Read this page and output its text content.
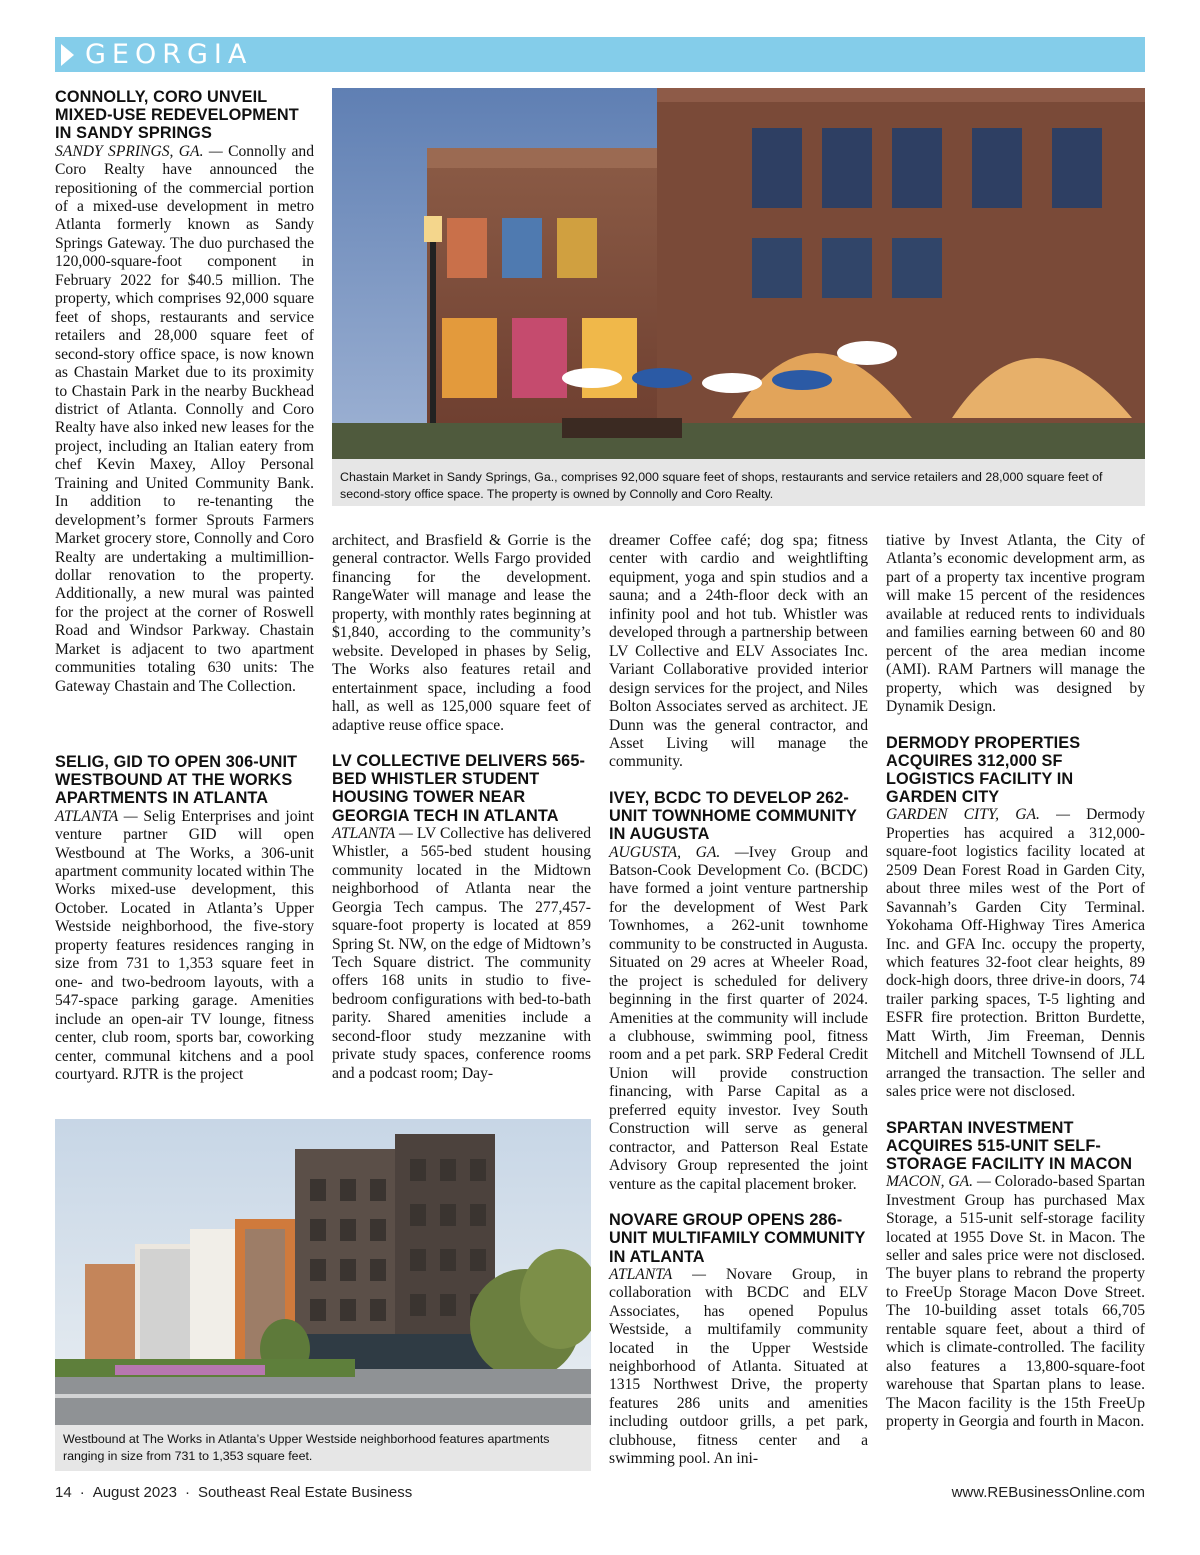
GEORGIA
Chastain Market in Sandy Springs, Ga., comprises 92,000 square feet of shops, restaurants and service retailers and 28,000 square feet of second-story office space. The property is owned by Connolly and Coro Realty.
CONNOLLY, CORO UNVEIL MIXED-USE REDEVELOPMENT IN SANDY SPRINGS

SANDY SPRINGS, GA. — Connolly and Coro Realty have announced the repositioning of the commercial portion of a mixed-use development in metro Atlanta formerly known as Sandy Springs Gateway. The duo purchased the 120,000-square-foot component in February 2022 for $40.5 million. The property, which comprises 92,000 square feet of shops, restaurants and service retailers and 28,000 square feet of second-story office space, is now known as Chastain Market due to its proximity to Chastain Park in the nearby Buckhead district of Atlanta. Connolly and Coro Realty have also inked new leases for the project, including an Italian eatery from chef Kevin Maxey, Alloy Personal Training and United Community Bank. In addition to re-tenanting the development’s former Sprouts Farmers Market grocery store, Connolly and Coro Realty are undertaking a multimillion-dollar renovation to the property. Additionally, a new mural was painted for the project at the corner of Roswell Road and Windsor Parkway. Chastain Market is adjacent to two apartment communities totaling 630 units: The Gateway Chastain and The Collection.

SELIG, GID TO OPEN 306-UNIT WESTBOUND AT THE WORKS APARTMENTS IN ATLANTA

ATLANTA — Selig Enterprises and joint venture partner GID will open Westbound at The Works, a 306-unit apartment community located within The Works mixed-use development, this October. Located in Atlanta’s Upper Westside neighborhood, the five-story property features residences ranging in size from 731 to 1,353 square feet in one- and two-bedroom layouts, with a 547-space parking garage. Amenities include an open-air TV lounge, fitness center, club room, sports bar, coworking center, communal kitchens and a pool courtyard. RJTR is the project

architect, and Brasfield & Gorrie is the general contractor. Wells Fargo provided financing for the development. RangeWater will manage and lease the property, with monthly rates beginning at $1,840, according to the community’s website. Developed in phases by Selig, The Works also features retail and entertainment space, including a food hall, as well as 125,000 square feet of adaptive reuse office space.

LV COLLECTIVE DELIVERS 565-BED WHISTLER STUDENT HOUSING TOWER NEAR GEORGIA TECH IN ATLANTA

ATLANTA — LV Collective has delivered Whistler, a 565-bed student housing community located in the Midtown neighborhood of Atlanta near the Georgia Tech campus. The 277,457-square-foot property is located at 859 Spring St. NW, on the edge of Midtown’s Tech Square district. The community offers 168 units in studio to five-bedroom configurations with bed-to-bath parity. Shared amenities include a second-floor study mezzanine with private study spaces, conference rooms and a podcast room; Day-

dreamer Coffee café; dog spa; fitness center with cardio and weightlifting equipment, yoga and spin studios and a sauna; and a 24th-floor deck with an infinity pool and hot tub. Whistler was developed through a partnership between LV Collective and ELV Associates Inc. Variant Collaborative provided interior design services for the project, and Niles Bolton Associates served as architect. JE Dunn was the general contractor, and Asset Living will manage the community.

IVEY, BCDC TO DEVELOP 262-UNIT TOWNHOME COMMUNITY IN AUGUSTA

AUGUSTA, GA. —Ivey Group and Batson-Cook Development Co. (BCDC) have formed a joint venture partnership for the development of West Park Townhomes, a 262-unit townhome community to be constructed in Augusta. Situated on 29 acres at Wheeler Road, the project is scheduled for delivery beginning in the first quarter of 2024. Amenities at the community will include a clubhouse, swimming pool, fitness room and a pet park. SRP Federal Credit Union will provide construction financing, with Parse Capital as a preferred equity investor. Ivey South Construction will serve as general contractor, and Patterson Real Estate Advisory Group represented the joint venture as the capital placement broker.

NOVARE GROUP OPENS 286-UNIT MULTIFAMILY COMMUNITY IN ATLANTA

ATLANTA — Novare Group, in collaboration with BCDC and ELV Associates, has opened Populus Westside, a multifamily community located in the Upper Westside neighborhood of Atlanta. Situated at 1315 Northwest Drive, the property features 286 units and amenities including outdoor grills, a pet park, clubhouse, fitness center and a swimming pool. An ini-

tiative by Invest Atlanta, the City of Atlanta’s economic development arm, as part of a property tax incentive program will make 15 percent of the residences available at reduced rents to individuals and families earning between 60 and 80 percent of the area median income (AMI). RAM Partners will manage the property, which was designed by Dynamik Design.

DERMODY PROPERTIES ACQUIRES 312,000 SF LOGISTICS FACILITY IN GARDEN CITY

GARDEN CITY, GA. — Dermody Properties has acquired a 312,000-square-foot logistics facility located at 2509 Dean Forest Road in Garden City, about three miles west of the Port of Savannah’s Garden City Terminal. Yokohama Off-Highway Tires America Inc. and GFA Inc. occupy the property, which features 32-foot clear heights, 89 dock-high doors, three drive-in doors, 74 trailer parking spaces, T-5 lighting and ESFR fire protection. Britton Burdette, Matt Wirth, Jim Freeman, Dennis Mitchell and Mitchell Townsend of JLL arranged the transaction. The seller and sales price were not disclosed.

SPARTAN INVESTMENT ACQUIRES 515-UNIT SELF-STORAGE FACILITY IN MACON

MACON, GA. — Colorado-based Spartan Investment Group has purchased Max Storage, a 515-unit self-storage facility located at 1955 Dove St. in Macon. The seller and sales price were not disclosed. The buyer plans to rebrand the property to FreeUp Storage Macon Dove Street. The 10-building asset totals 66,705 rentable square feet, about a third of which is climate-controlled. The facility also features a 13,800-square-foot warehouse that Spartan plans to lease. The Macon facility is the 15th FreeUp property in Georgia and fourth in Macon.

Westbound at The Works in Atlanta’s Upper Westside neighborhood features apartments ranging in size from 731 to 1,353 square feet.
14 · August 2023 · Southeast Real Estate Business	www.REBusinessOnline.com
